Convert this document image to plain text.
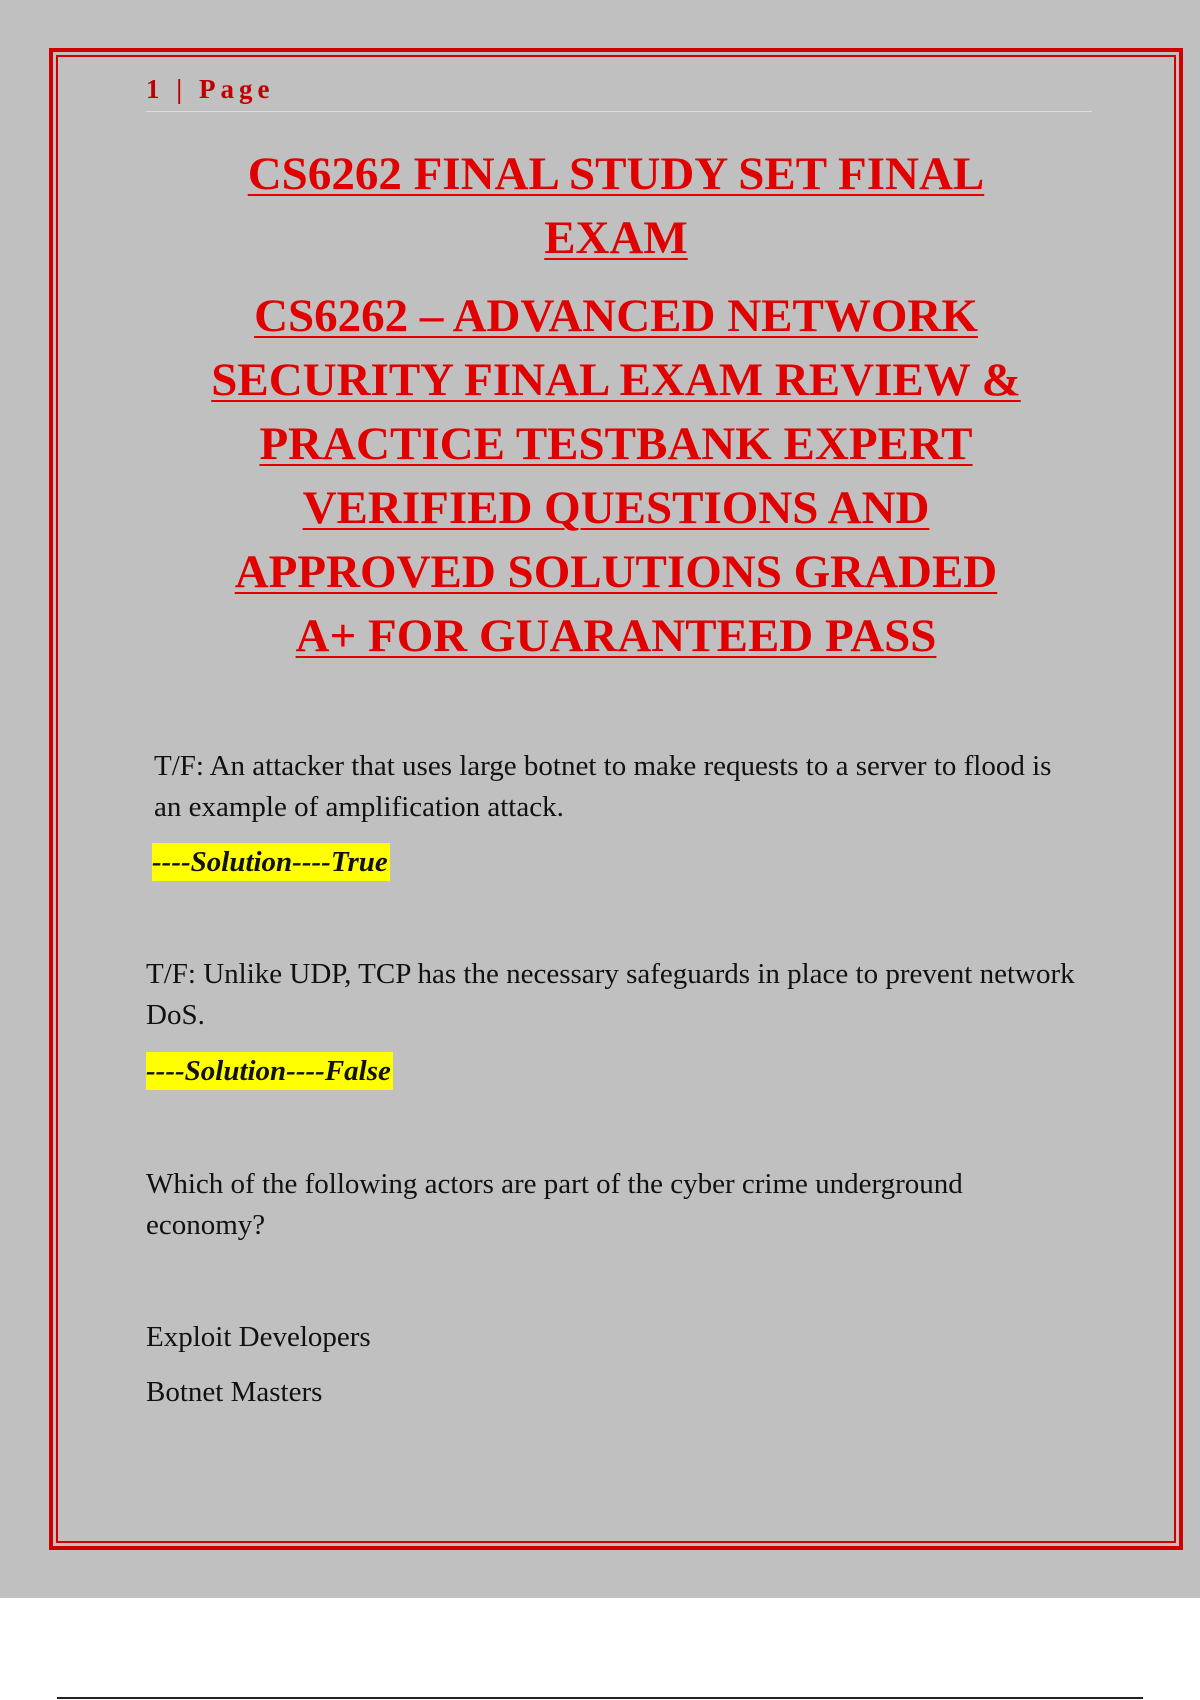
1 | Page
CS6262 FINAL STUDY SET FINAL
EXAM
CS6262 – ADVANCED NETWORK
SECURITY FINAL EXAM REVIEW &
PRACTICE TESTBANK EXPERT
VERIFIED QUESTIONS AND
APPROVED SOLUTIONS GRADED
A+ FOR GUARANTEED PASS
T/F: An attacker that uses large botnet to make requests to a server to flood is an example of amplification attack.
----Solution----True
T/F: Unlike UDP, TCP has the necessary safeguards in place to prevent network DoS.
----Solution----False
Which of the following actors are part of the cyber crime underground economy?
Exploit Developers
Botnet Masters
